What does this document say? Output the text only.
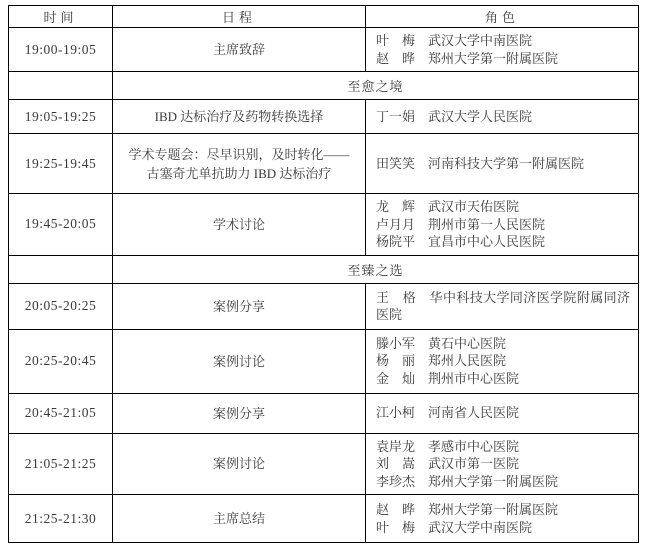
时间	日程	角色
19:00-19:05	主席致辞	叶　梅　武汉大学中南医院
赵　晔　郑州大学第一附属医院

	至愈之境	
19:05-19:25	IBD 达标治疗及药物转换选择	丁一娟　武汉大学人民医院

19:25-19:45	学术专题会：尽早识别，及时转化——古塞奇尤单抗助力 IBD 达标治疗	田笑笑　河南科技大学第一附属医院

19:45-20:05	学术讨论	龙　辉　武汉市天佑医院
卢月月　荆州市第一人民医院
杨院平　宜昌市中心人民医院

	至臻之选	
20:05-20:25	案例分享	王　格　华中科技大学同济医学院附属同济医院

20:25-20:45	案例讨论	滕小军　黄石中心医院
杨　丽　郑州人民医院
金　灿　荆州市中心医院

20:45-21:05	案例分享	江小柯　河南省人民医院

21:05-21:25	案例讨论	袁岸龙　孝感市中心医院
刘　嵩　武汉市第一医院
李珍杰　郑州大学第一附属医院

21:25-21:30	主席总结	赵　晔　郑州大学第一附属医院
叶　梅　武汉大学中南医院
